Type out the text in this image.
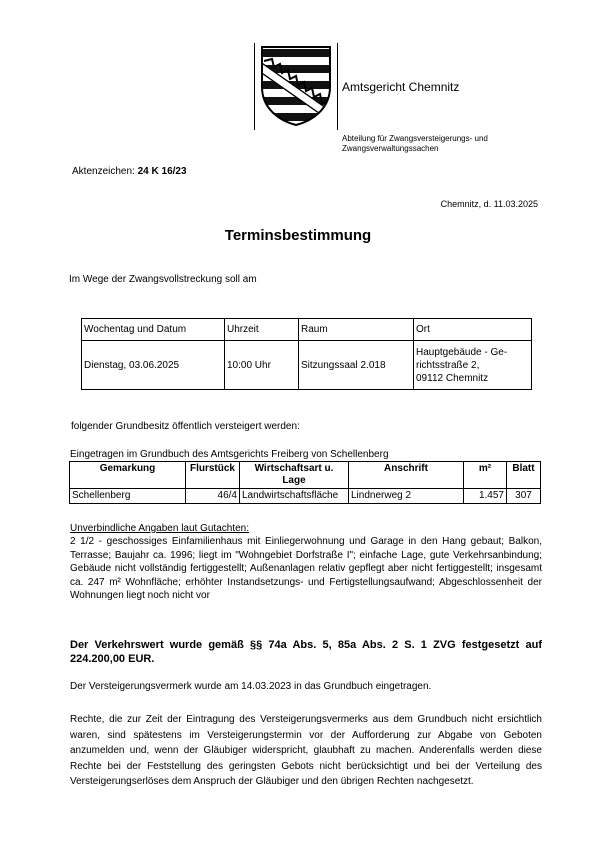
Amtsgericht Chemnitz
Abteilung für Zwangsversteigerungs- und Zwangsverwaltungssachen
Aktenzeichen: 24 K 16/23
Chemnitz, d. 11.03.2025
Terminsbestimmung
Im Wege der Zwangsvollstreckung soll am
Wochentag und Datum	Uhrzeit	Raum	Ort
Dienstag, 03.06.2025	10:00 Uhr	Sitzungssaal 2.018	Hauptgebäude - Ge-
richtsstraße 2,
09112 Chemnitz
folgender Grundbesitz öffentlich versteigert werden:
Eingetragen im Grundbuch des Amtsgerichts Freiberg von Schellenberg
Gemarkung	Flurstück	Wirtschaftsart u. Lage	Anschrift	m²	Blatt
Schellenberg	46/4	Landwirtschaftsfläche	Lindnerweg 2	1.457	307
Unverbindliche Angaben laut Gutachten:
2 1/2 - geschossiges Einfamilienhaus mit Einliegerwohnung und Garage in den Hang gebaut; Balkon, Terrasse; Baujahr ca. 1996; liegt im "Wohngebiet Dorfstraße I"; einfache Lage, gute Verkehrsanbindung; Gebäude nicht vollständig fertiggestellt; Außenanlagen relativ gepflegt aber nicht fertiggestellt; insgesamt ca. 247 m² Wohnfläche; erhöhter Instandsetzungs- und Fertigstellungsaufwand; Abgeschlossenheit der Wohnungen liegt noch nicht vor
Der Verkehrswert wurde gemäß §§ 74a Abs. 5, 85a Abs. 2 S. 1 ZVG festgesetzt auf 224.200,00 EUR.
Der Versteigerungsvermerk wurde am 14.03.2023 in das Grundbuch eingetragen.
Rechte, die zur Zeit der Eintragung des Versteigerungsvermerks aus dem Grundbuch nicht ersichtlich waren, sind spätestens im Versteigerungstermin vor der Aufforderung zur Abgabe von Geboten anzumelden und, wenn der Gläubiger widerspricht, glaubhaft zu machen. Anderenfalls werden diese Rechte bei der Feststellung des geringsten Gebots nicht berücksichtigt und bei der Verteilung des Versteigerungserlöses dem Anspruch der Gläubiger und den übrigen Rechten nachgesetzt.
